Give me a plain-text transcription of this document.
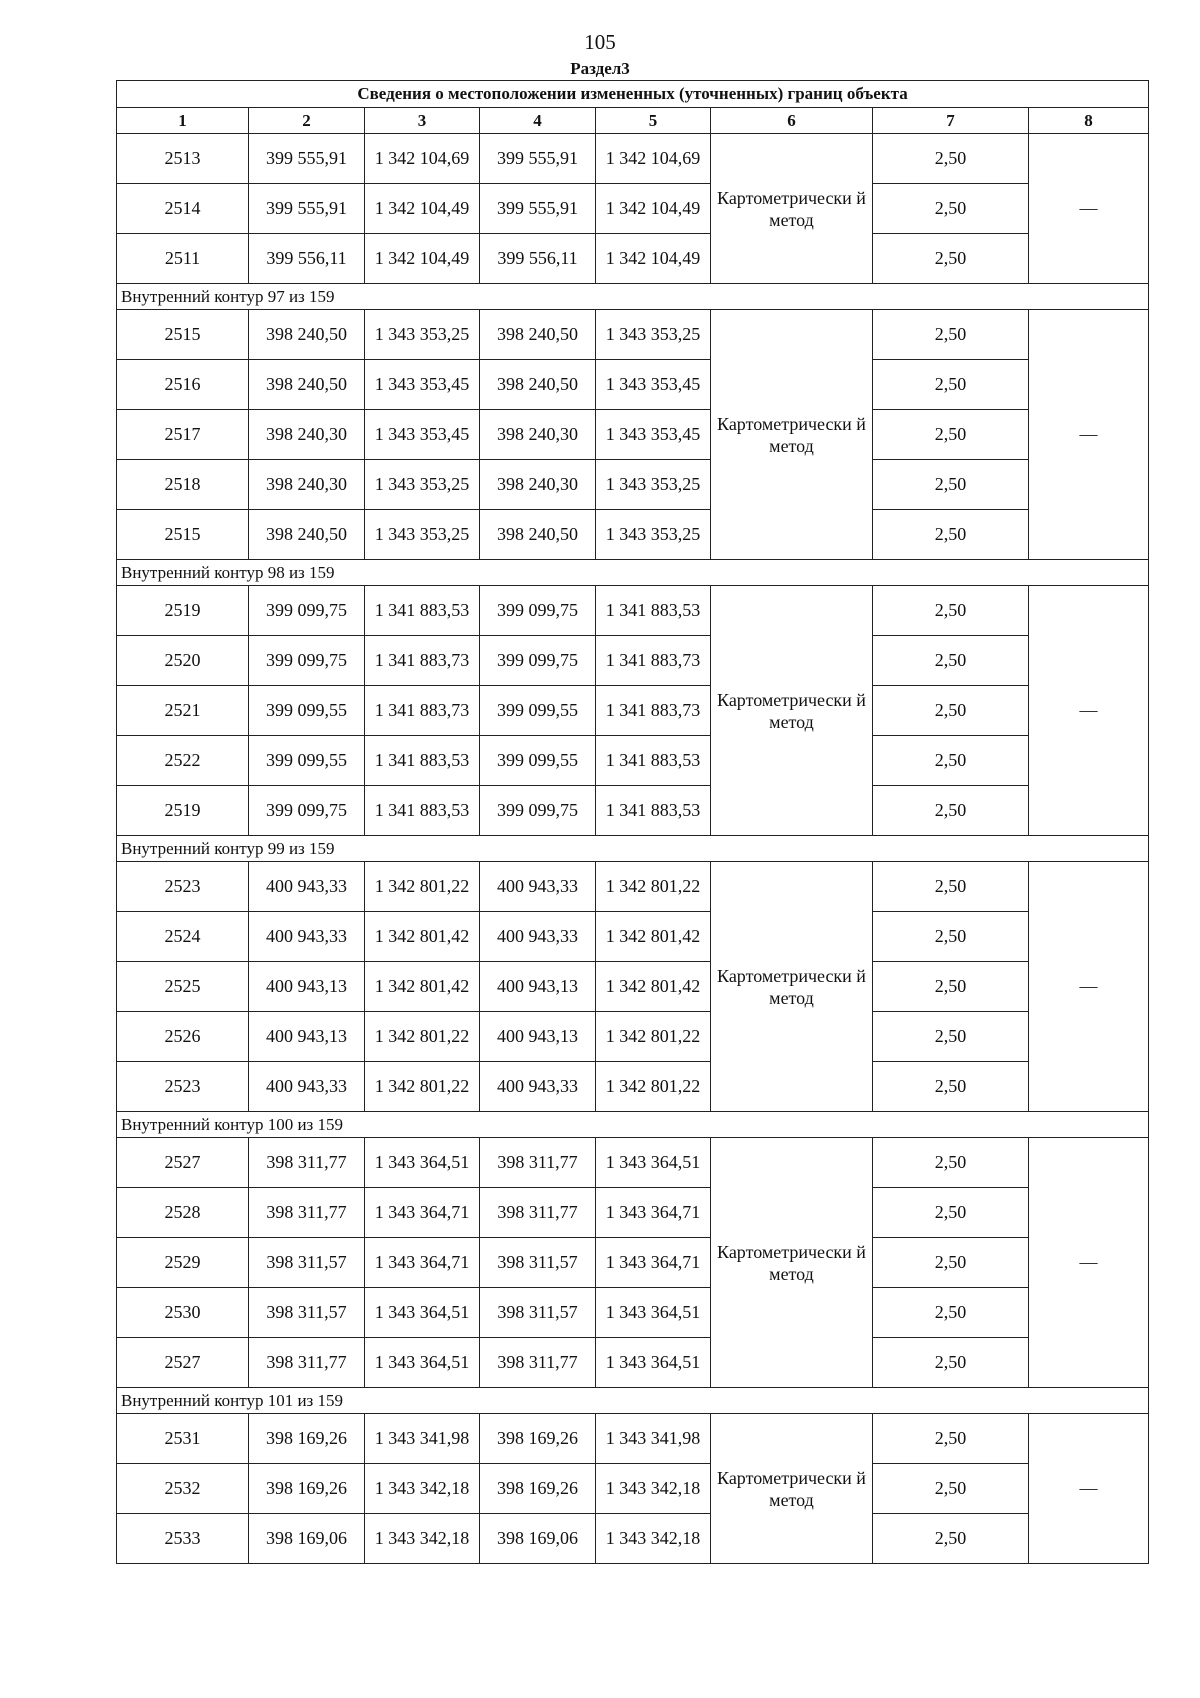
105
Раздел3
Сведения о местоположении измененных (уточненных) границ объекта							
1	2	3	4	5	6	7	8
2513	399 555,91	1 342 104,69	399 555,91	1 342 104,69	Картометрически й метод	2,50	—
2514	399 555,91	1 342 104,49	399 555,91	1 342 104,49		2,50	
2511	399 556,11	1 342 104,49	399 556,11	1 342 104,49		2,50	
Внутренний контур 97 из 159							
2515	398 240,50	1 343 353,25	398 240,50	1 343 353,25	Картометрически й метод	2,50	—
2516	398 240,50	1 343 353,45	398 240,50	1 343 353,45		2,50	
2517	398 240,30	1 343 353,45	398 240,30	1 343 353,45		2,50	
2518	398 240,30	1 343 353,25	398 240,30	1 343 353,25		2,50	
2515	398 240,50	1 343 353,25	398 240,50	1 343 353,25		2,50	
Внутренний контур 98 из 159							
2519	399 099,75	1 341 883,53	399 099,75	1 341 883,53	Картометрически й метод	2,50	—
2520	399 099,75	1 341 883,73	399 099,75	1 341 883,73		2,50	
2521	399 099,55	1 341 883,73	399 099,55	1 341 883,73		2,50	
2522	399 099,55	1 341 883,53	399 099,55	1 341 883,53		2,50	
2519	399 099,75	1 341 883,53	399 099,75	1 341 883,53		2,50	
Внутренний контур 99 из 159							
2523	400 943,33	1 342 801,22	400 943,33	1 342 801,22	Картометрически й метод	2,50	—
2524	400 943,33	1 342 801,42	400 943,33	1 342 801,42		2,50	
2525	400 943,13	1 342 801,42	400 943,13	1 342 801,42		2,50	
2526	400 943,13	1 342 801,22	400 943,13	1 342 801,22		2,50	
2523	400 943,33	1 342 801,22	400 943,33	1 342 801,22		2,50	
Внутренний контур 100 из 159							
2527	398 311,77	1 343 364,51	398 311,77	1 343 364,51	Картометрически й метод	2,50	—
2528	398 311,77	1 343 364,71	398 311,77	1 343 364,71		2,50	
2529	398 311,57	1 343 364,71	398 311,57	1 343 364,71		2,50	
2530	398 311,57	1 343 364,51	398 311,57	1 343 364,51		2,50	
2527	398 311,77	1 343 364,51	398 311,77	1 343 364,51		2,50	
Внутренний контур 101 из 159							
2531	398 169,26	1 343 341,98	398 169,26	1 343 341,98	Картометрически й метод	2,50	—
2532	398 169,26	1 343 342,18	398 169,26	1 343 342,18		2,50	
2533	398 169,06	1 343 342,18	398 169,06	1 343 342,18		2,50	
